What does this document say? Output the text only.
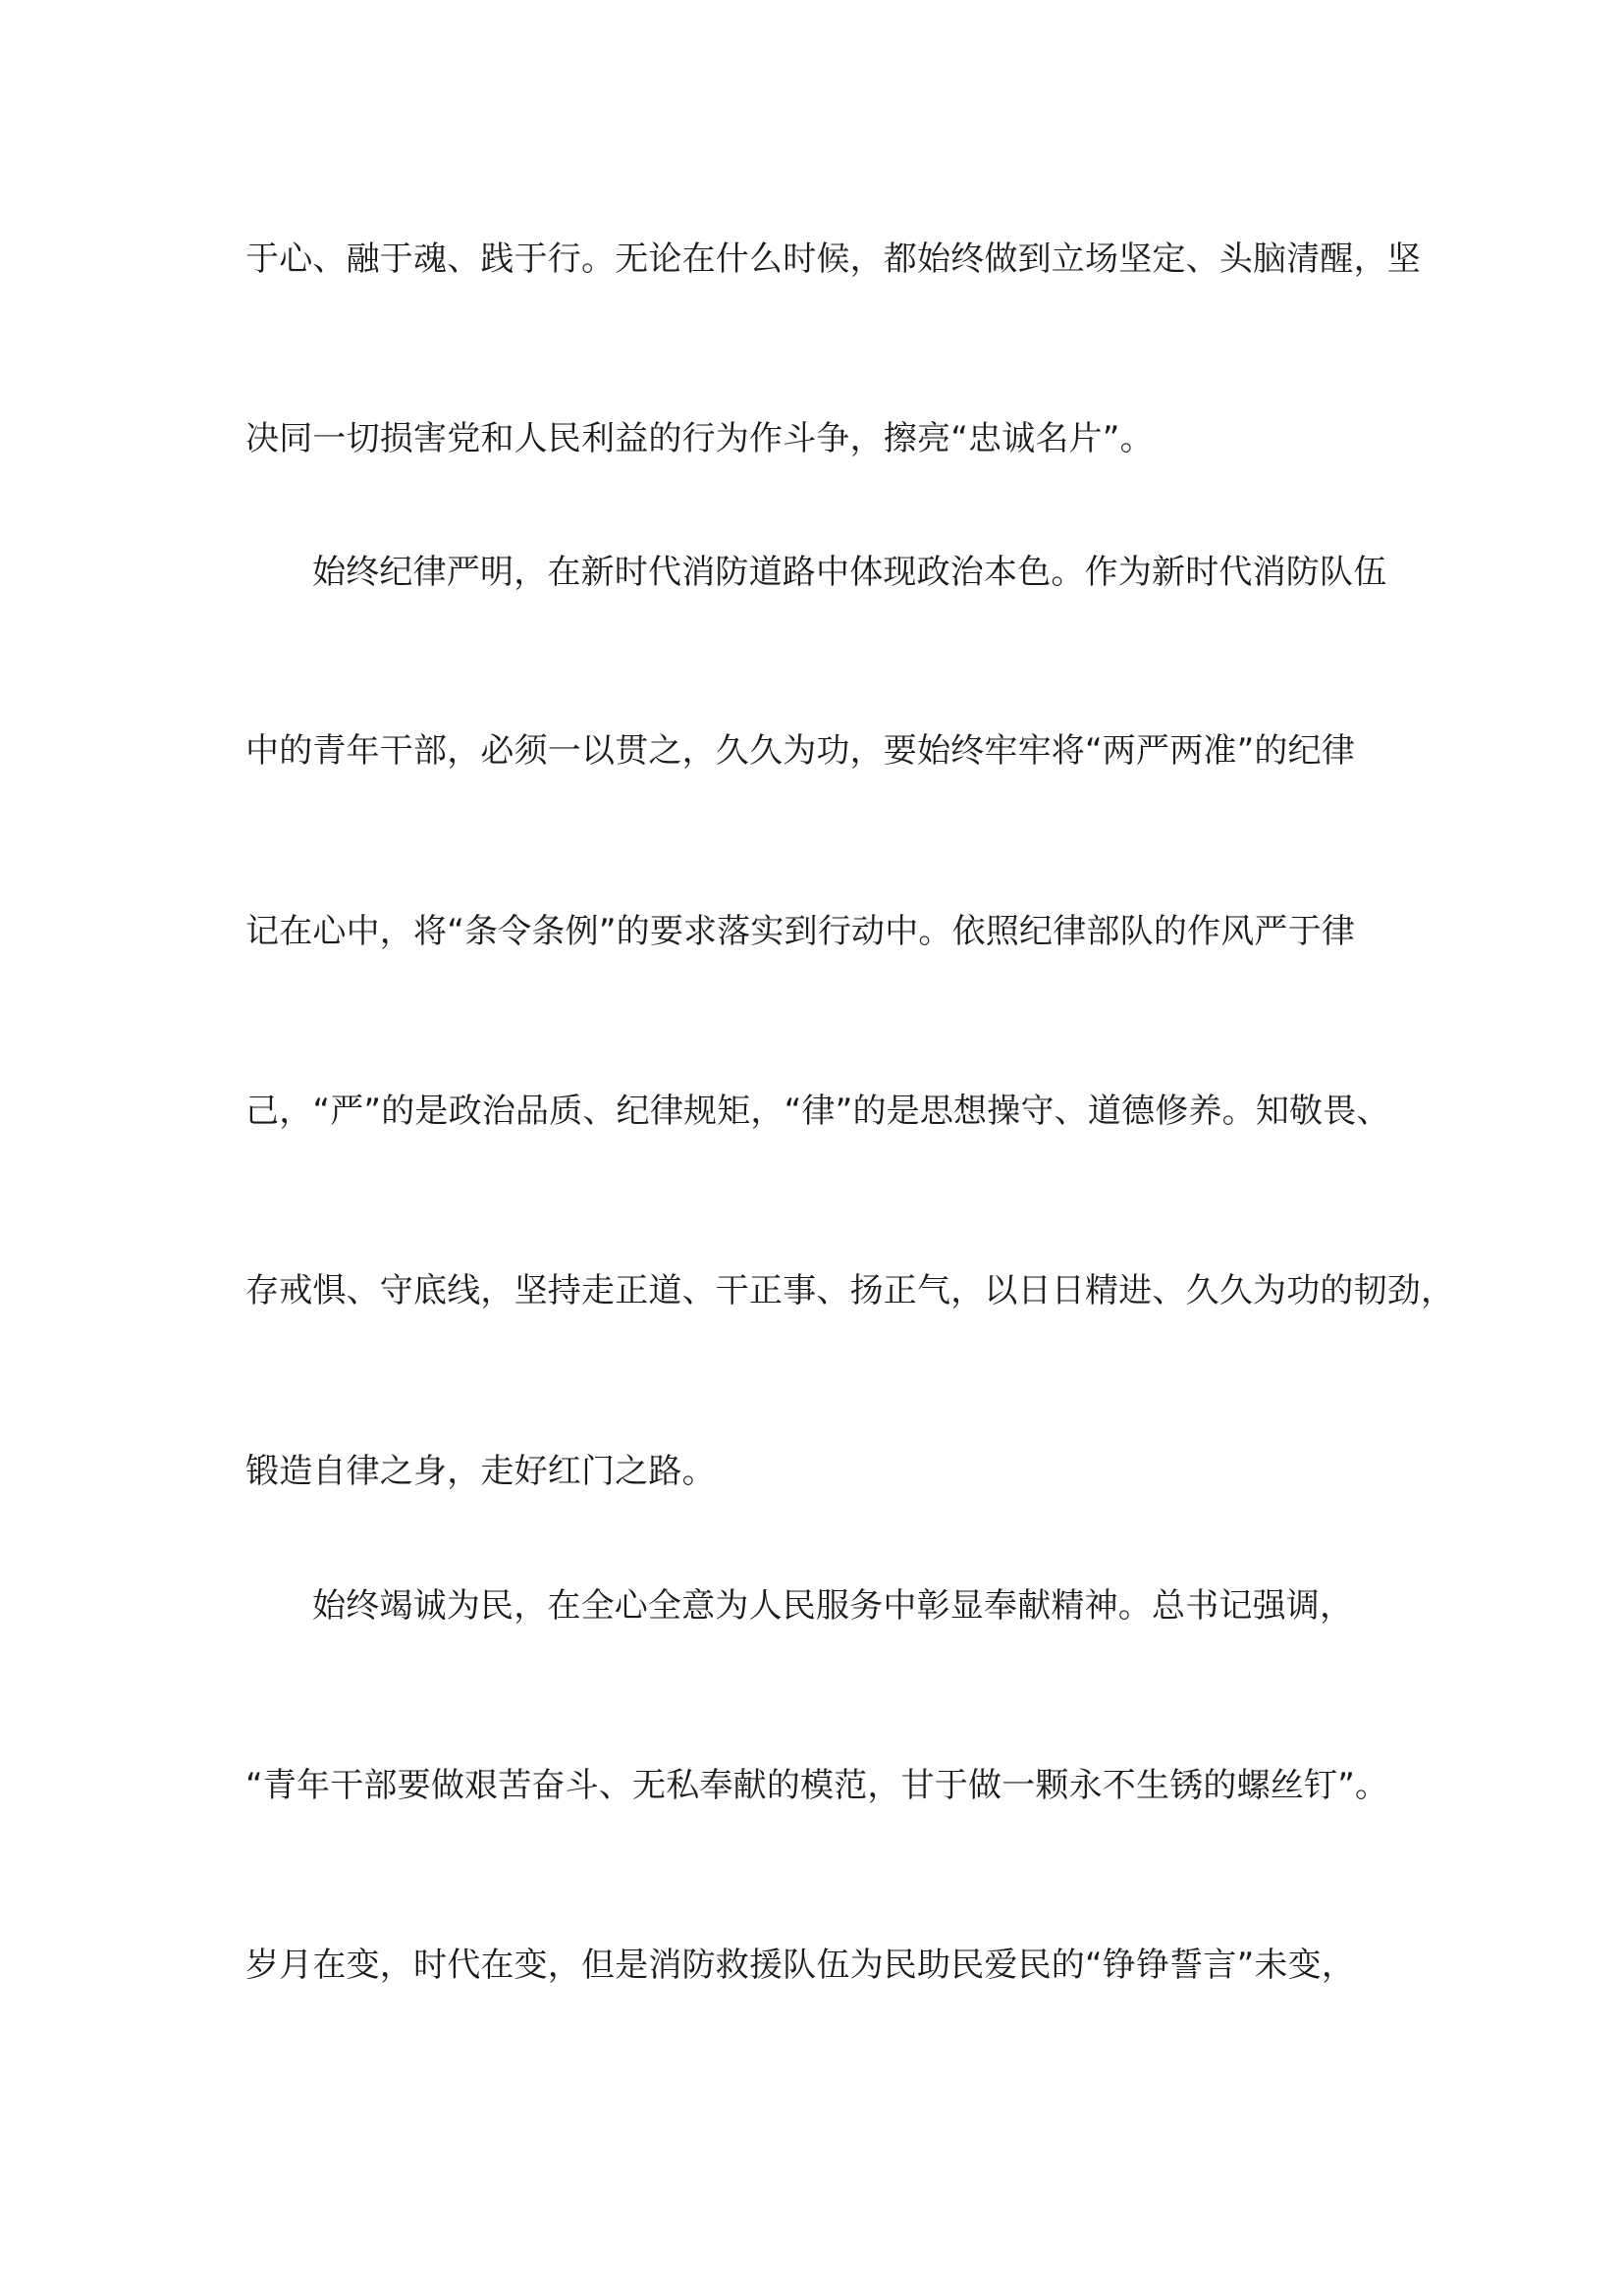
于心、融于魂、践于行。无论在什么时候，都始终做到立场坚定、头脑清醒，坚
决同一切损害党和人民利益的行为作斗争，擦亮“忠诚名片”。
始终纪律严明，在新时代消防道路中体现政治本色。作为新时代消防队伍
中的青年干部，必须一以贯之，久久为功，要始终牢牢将“两严两准”的纪律
记在心中，将“条令条例”的要求落实到行动中。依照纪律部队的作风严于律
己，“严”的是政治品质、纪律规矩，“律”的是思想操守、道德修养。知敬畏、
存戒惧、守底线，坚持走正道、干正事、扬正气，以日日精进、久久为功的韧劲，
锻造自律之身，走好红门之路。
始终竭诚为民，在全心全意为人民服务中彰显奉献精神。总书记强调，
“青年干部要做艰苦奋斗、无私奉献的模范，甘于做一颗永不生锈的螺丝钉”。
岁月在变，时代在变，但是消防救援队伍为民助民爱民的“铮铮誓言”未变，
